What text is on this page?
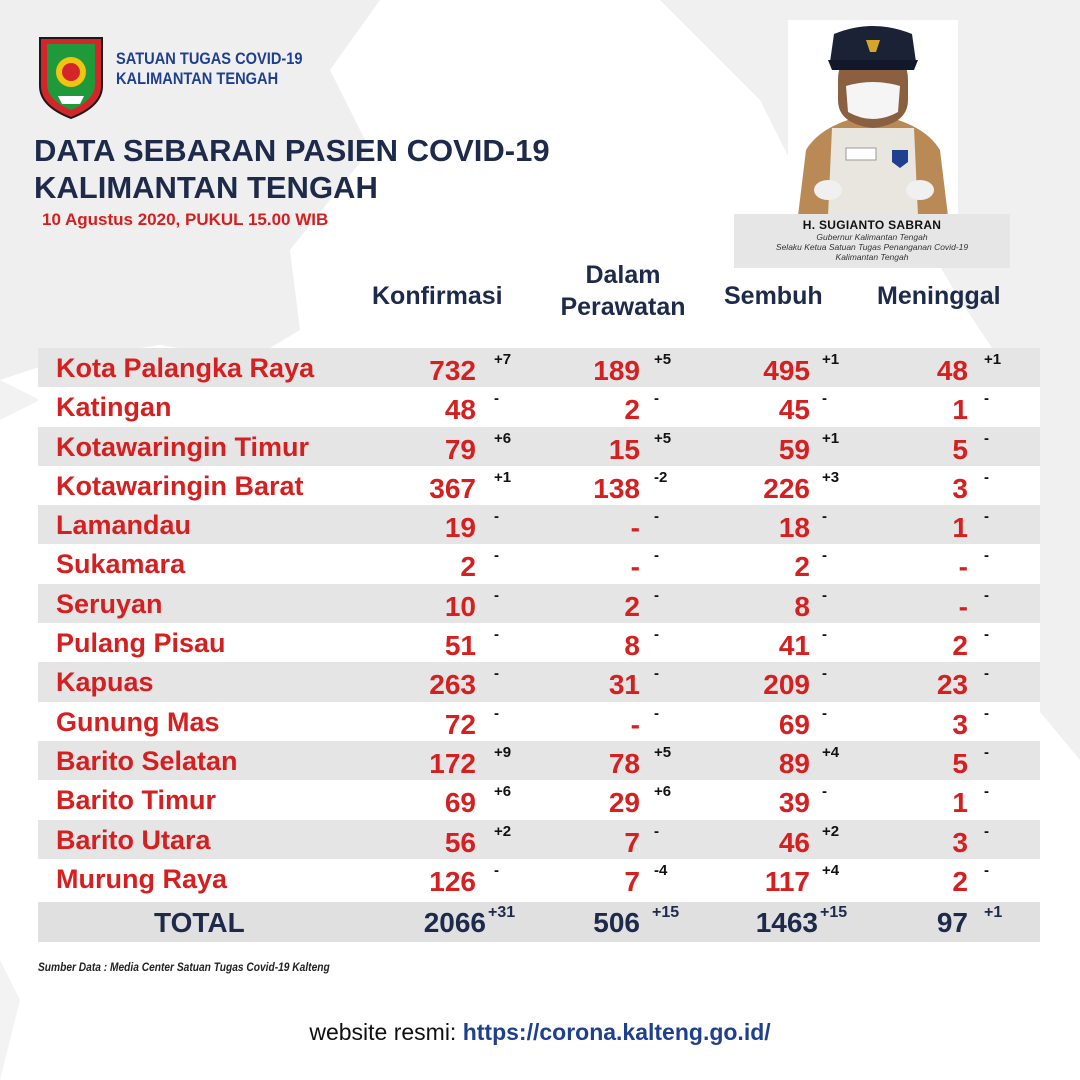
SATUAN TUGAS COVID-19
KALIMANTAN TENGAH
DATA SEBARAN PASIEN COVID-19
KALIMANTAN TENGAH
10 Agustus 2020, PUKUL 15.00 WIB	H. SUGIANTO SABRAN
Gubernur Kalimantan Tengah
Selaku Ketua Satuan Tugas Penanganan Covid-19
Kalimantan Tengah
Konfirmasi
Dalam
Perawatan	Sembuh Meninggal
Kota Palangka Raya	732 +7	189 +5	495 +1	48 +1
Katingan	48 -	2 -	45 -	1 -
Kotawaringin Timur	79 +6	15 +5	59 +1	5 -
Kotawaringin Barat	367 +1	138 -2	226 +3	3 -
Lamandau	19 -	- -	18 -	1 -
Sukamara	2 -	- -	2 -	- -
Seruyan	10 -	2 -	8 -	- -
Pulang Pisau	51 -	8 -	41 -	2 -
Kapuas	263 -	31 -	209 -	23 -
Gunung Mas	72 -	- -	69 -	3 -
Barito Selatan	172 +9	78 +5	89 +4	5 -
Barito Timur	69 +6	29 +6	39 -	1 -
Barito Utara	56 +2	7 -	46 +2	3 -
Murung Raya	126 -	7 -4	117 +4	2 -
TOTAL	2066 +31	506 +15	1463 +15	97 +1
Sumber Data : Media Center Satuan Tugas Covid-19 Kalteng
website resmi: https://corona.kalteng.go.id/
